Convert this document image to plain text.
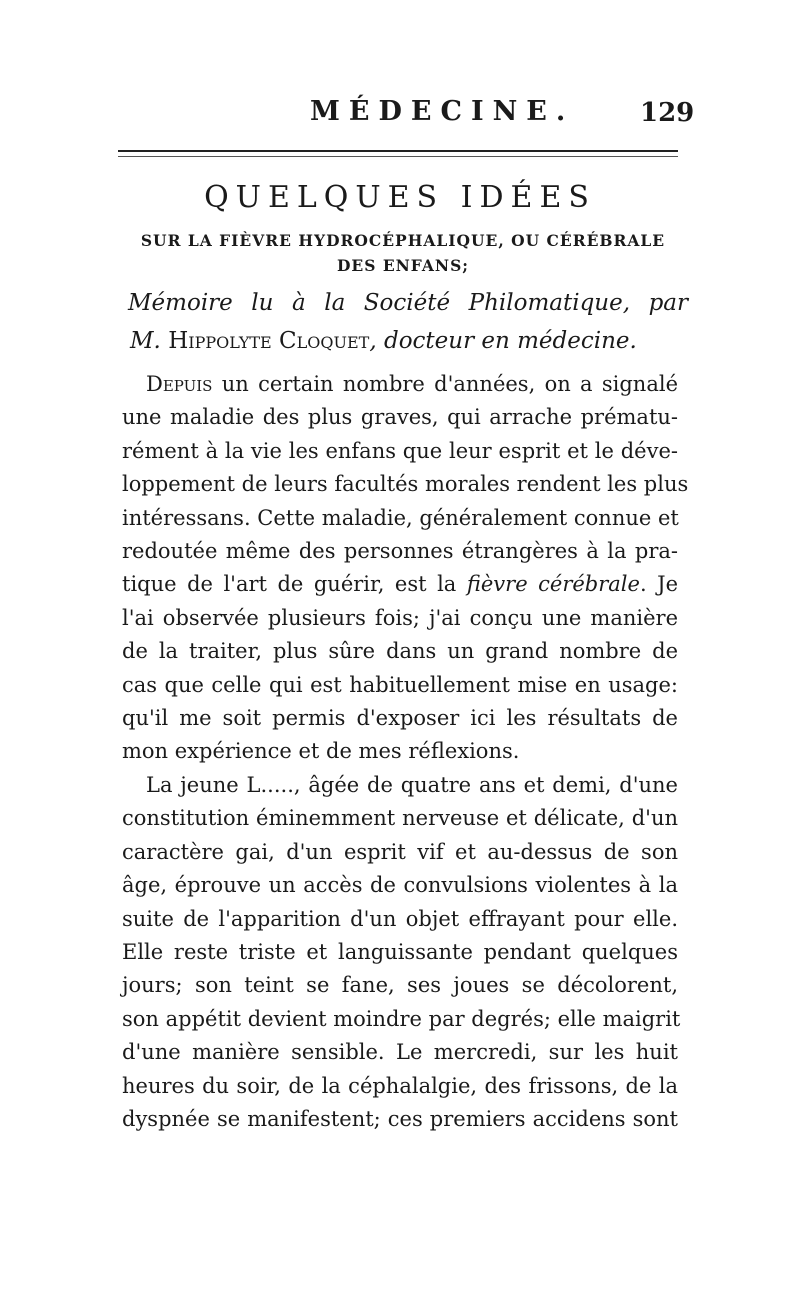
MÉDECINE.	129
QUELQUES IDÉES
SUR LA FIÈVRE HYDROCÉPHALIQUE, OU CÉRÉBRALE
DES ENFANS;
Mémoire lu à la Société Philomatique, par
M. Hippolyte Cloquet, docteur en médecine.
Depuis un certain nombre d'années, on a signalé
une maladie des plus graves, qui arrache prématu-
rément à la vie les enfans que leur esprit et le déve-
loppement de leurs facultés morales rendent les plus
intéressans. Cette maladie, généralement connue et
redoutée même des personnes étrangères à la pra-
tique de l'art de guérir, est la fièvre cérébrale. Je
l'ai observée plusieurs fois; j'ai conçu une manière
de la traiter, plus sûre dans un grand nombre de
cas que celle qui est habituellement mise en usage:
qu'il me soit permis d'exposer ici les résultats de
mon expérience et de mes réflexions.
La jeune L....., âgée de quatre ans et demi, d'une
constitution éminemment nerveuse et délicate, d'un
caractère gai, d'un esprit vif et au-dessus de son
âge, éprouve un accès de convulsions violentes à la
suite de l'apparition d'un objet effrayant pour elle.
Elle reste triste et languissante pendant quelques
jours; son teint se fane, ses joues se décolorent,
son appétit devient moindre par degrés; elle maigrit
d'une manière sensible. Le mercredi, sur les huit
heures du soir, de la céphalalgie, des frissons, de la
dyspnée se manifestent; ces premiers accidens sont
